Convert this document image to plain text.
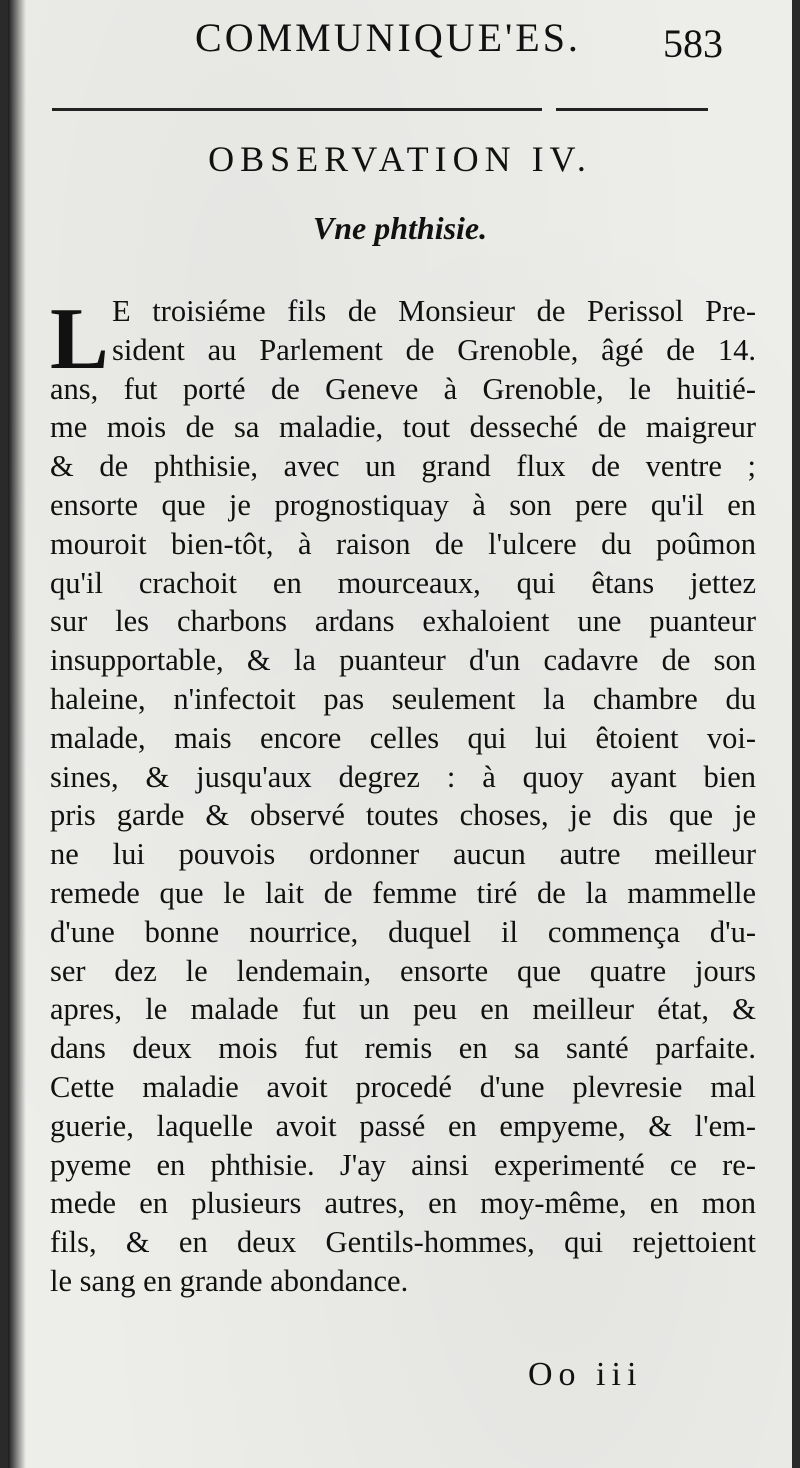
COMMUNIQUE'ES.	583
OBSERVATION IV.
Vne phthisie.
L E troisiéme fils de Monsieur de Perissol Pre-
sident au Parlement de Grenoble, âgé de 14.
ans, fut porté de Geneve à Grenoble, le huitié-
me mois de sa maladie, tout desseché de maigreur
& de phthisie, avec un grand flux de ventre ;
ensorte que je prognostiquay à son pere qu'il en
mouroit bien-tôt, à raison de l'ulcere du poûmon
qu'il crachoit en mourceaux, qui êtans jettez
sur les charbons ardans exhaloient une puanteur
insupportable, & la puanteur d'un cadavre de son
haleine, n'infectoit pas seulement la chambre du
malade, mais encore celles qui lui êtoient voi-
sines, & jusqu'aux degrez : à quoy ayant bien
pris garde & observé toutes choses, je dis que je
ne lui pouvois ordonner aucun autre meilleur
remede que le lait de femme tiré de la mammelle
d'une bonne nourrice, duquel il commença d'u-
ser dez le lendemain, ensorte que quatre jours
apres, le malade fut un peu en meilleur état, &
dans deux mois fut remis en sa santé parfaite.
Cette maladie avoit procedé d'une plevresie mal
guerie, laquelle avoit passé en empyeme, & l'em-
pyeme en phthisie. J'ay ainsi experimenté ce re-
mede en plusieurs autres, en moy-même, en mon
fils, & en deux Gentils-hommes, qui rejettoient
le sang en grande abondance.
Oo iii
